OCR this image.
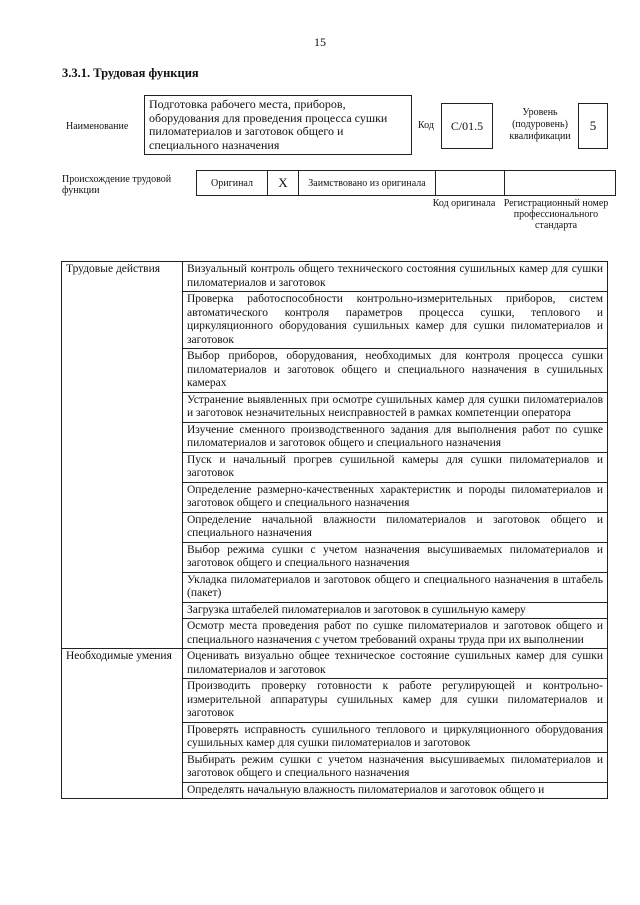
15
3.3.1. Трудовая функция
Наименование
Подготовка рабочего места, приборов, оборудования для проведения процесса сушки пиломатериалов и заготовок общего и специального назначения
Код	С/01.5
Уровень (подуровень) квалификации
5
Происхождение трудовой функции
Оригинал	X	Заимствовано из оригинала		
Код оригинала Регистрационный номер профессионального стандарта
Трудовые действия	Визуальный контроль общего технического состояния сушильных камер для сушки пиломатериалов и заготовок
	Проверка работоспособности контрольно-измерительных приборов, систем автоматического контроля параметров процесса сушки, теплового и циркуляционного оборудования сушильных камер для сушки пиломатериалов и заготовок
	Выбор приборов, оборудования, необходимых для контроля процесса сушки пиломатериалов и заготовок общего и специального назначения в сушильных камерах
	Устранение выявленных при осмотре сушильных камер для сушки пиломатериалов и заготовок незначительных неисправностей в рамках компетенции оператора
	Изучение сменного производственного задания для выполнения работ по сушке пиломатериалов и заготовок общего и специального назначения
	Пуск и начальный прогрев сушильной камеры для сушки пиломатериалов и заготовок
	Определение размерно-качественных характеристик и породы пиломатериалов и заготовок общего и специального назначения
	Определение начальной влажности пиломатериалов и заготовок общего и специального назначения
	Выбор режима сушки с учетом назначения высушиваемых пиломатериалов и заготовок общего и специального назначения
	Укладка пиломатериалов и заготовок общего и специального назначения в штабель (пакет)
	Загрузка штабелей пиломатериалов и заготовок в сушильную камеру
	Осмотр места проведения работ по сушке пиломатериалов и заготовок общего и специального назначения с учетом требований охраны труда при их выполнении
Необходимые умения	Оценивать визуально общее техническое состояние сушильных камер для сушки пиломатериалов и заготовок
	Производить проверку готовности к работе регулирующей и контрольно-измерительной аппаратуры сушильных камер для сушки пиломатериалов и заготовок
	Проверять исправность сушильного теплового и циркуляционного оборудования сушильных камер для сушки пиломатериалов и заготовок
	Выбирать режим сушки с учетом назначения высушиваемых пиломатериалов и заготовок общего и специального назначения
	Определять начальную влажность пиломатериалов и заготовок общего и
